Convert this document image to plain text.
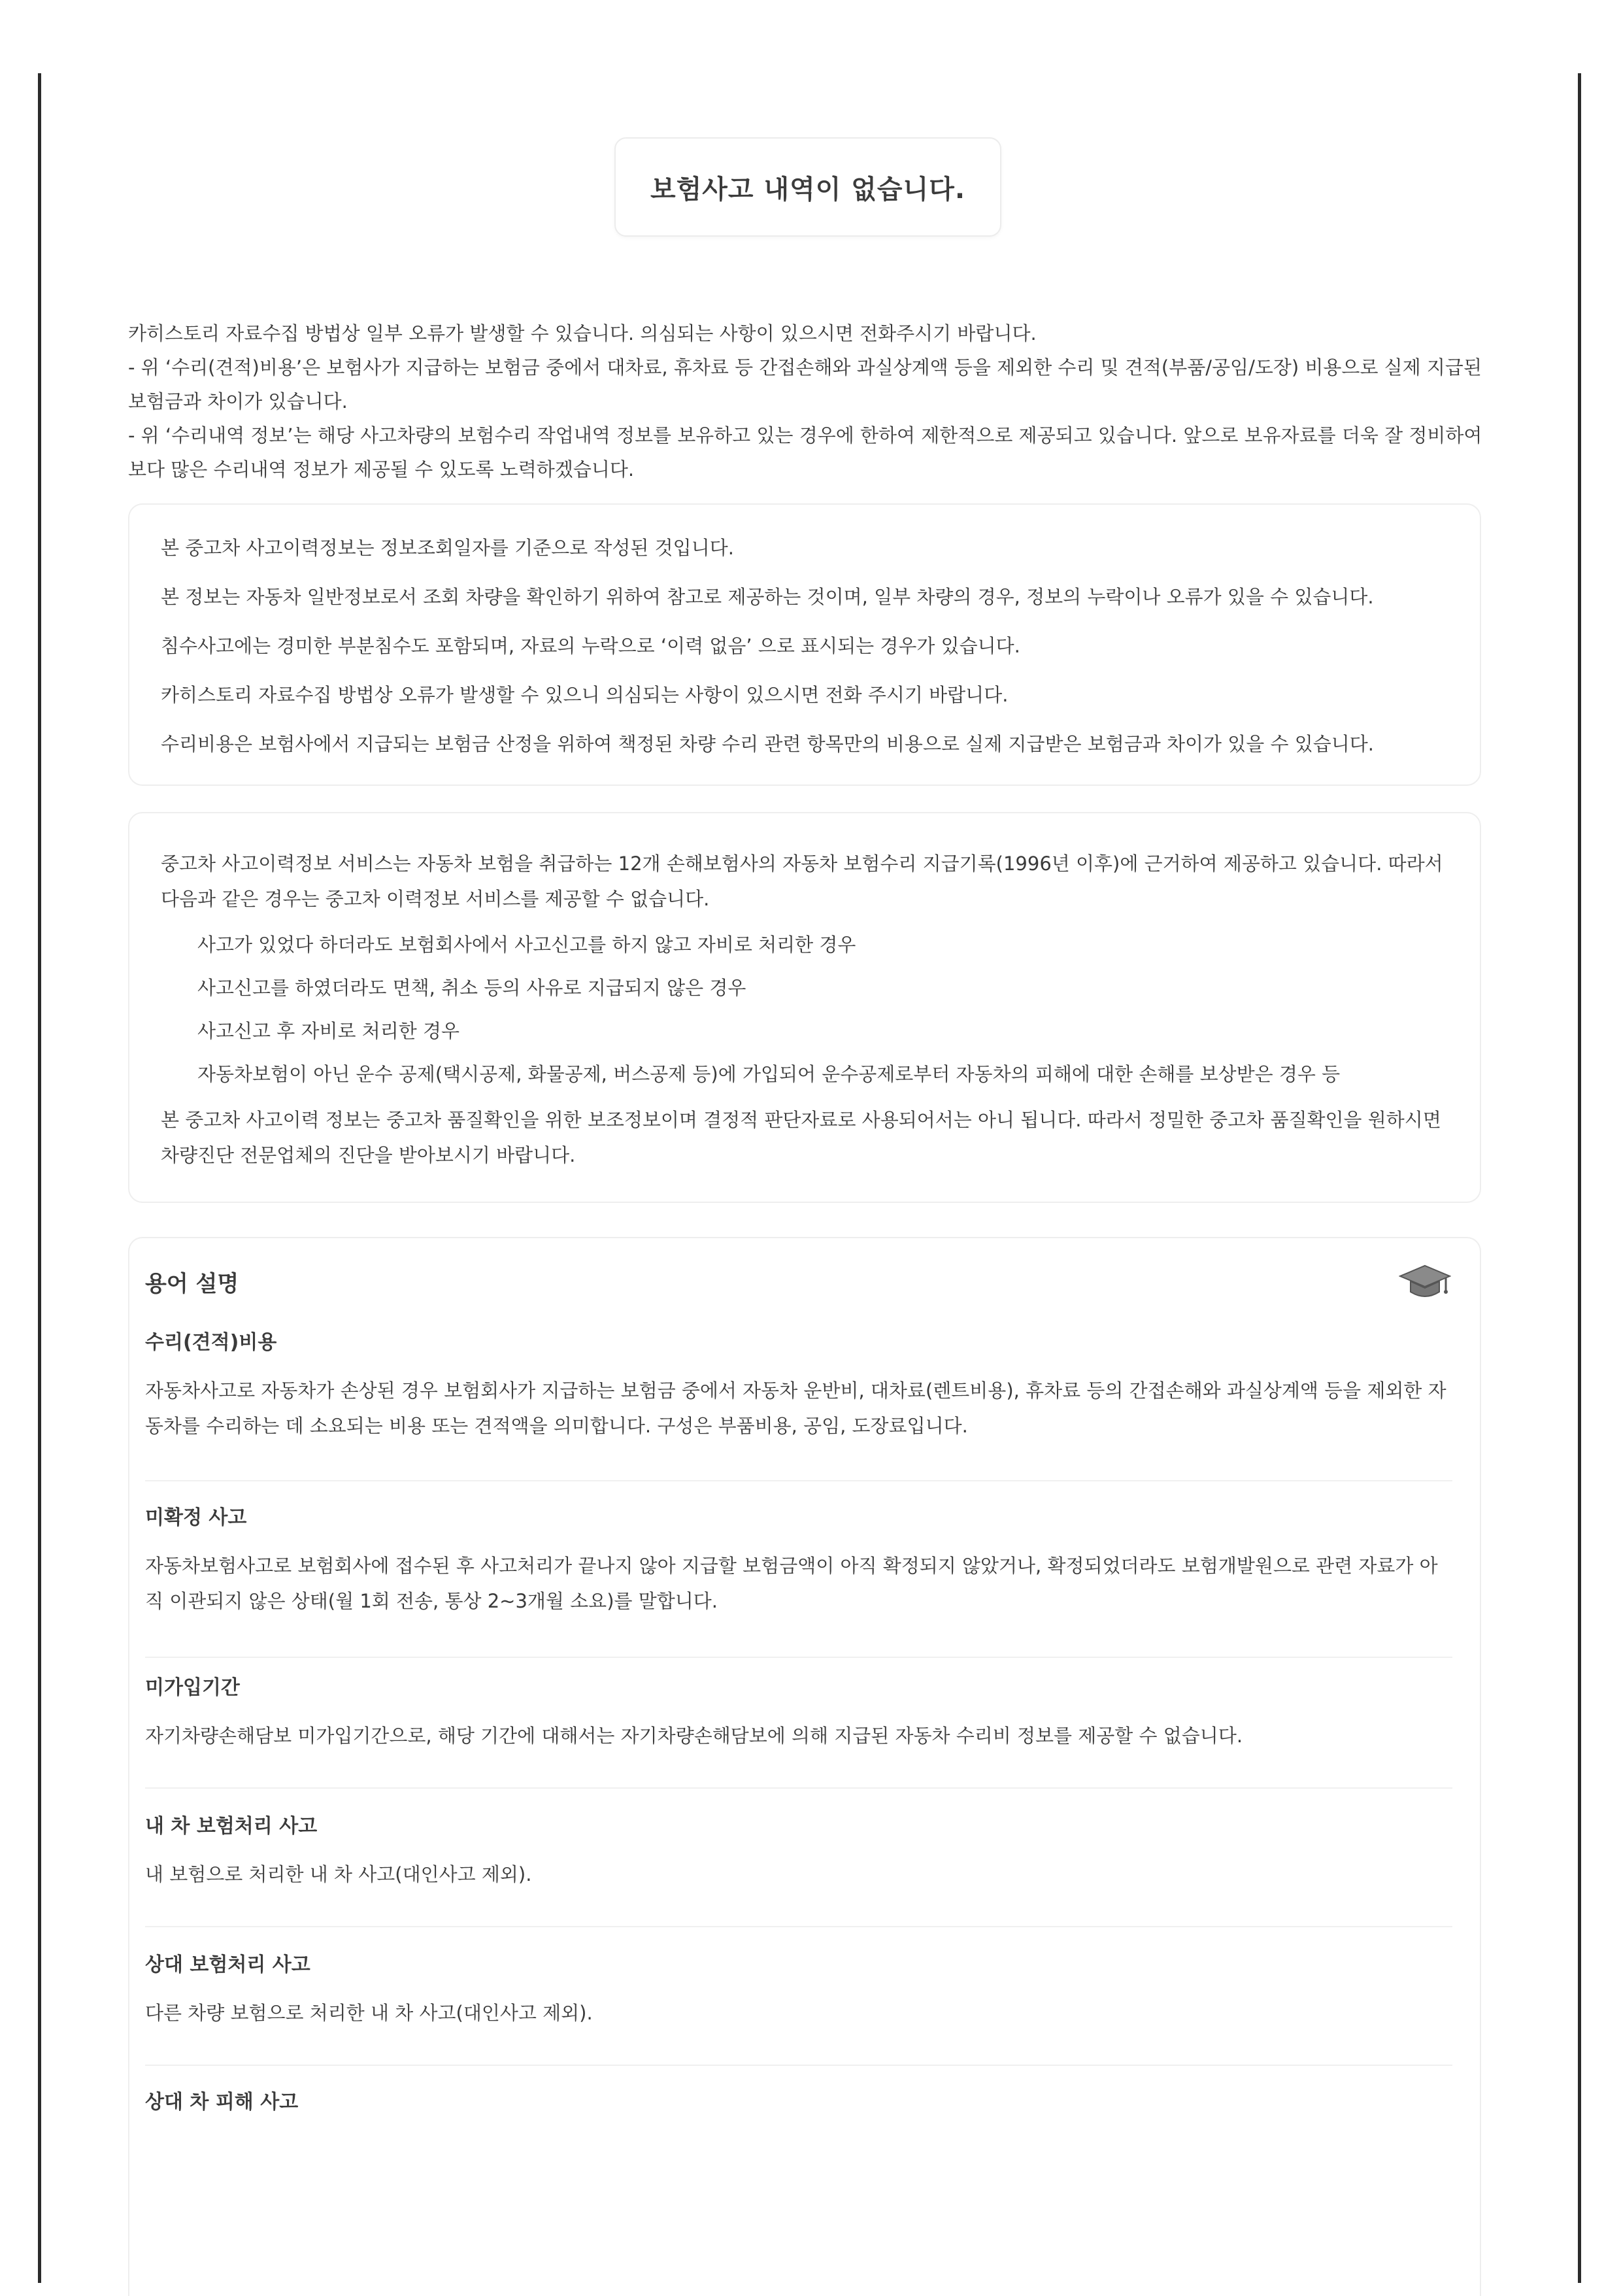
보험사고 내역이 없습니다.

카히스토리 자료수집 방법상 일부 오류가 발생할 수 있습니다. 의심되는 사항이 있으시면 전화주시기 바랍니다.

- 위 ‘수리(견적)비용’은 보험사가 지급하는 보험금 중에서 대차료, 휴차료 등 간접손해와 과실상계액 등을 제외한 수리 및 견적(부품/공임/도장) 비용으로 실제 지급된 보험금과 차이가 있습니다.

- 위 ‘수리내역 정보’는 해당 사고차량의 보험수리 작업내역 정보를 보유하고 있는 경우에 한하여 제한적으로 제공되고 있습니다. 앞으로 보유자료를 더욱 잘 정비하여 보다 많은 수리내역 정보가 제공될 수 있도록 노력하겠습니다.

본 중고차 사고이력정보는 정보조회일자를 기준으로 작성된 것입니다.

본 정보는 자동차 일반정보로서 조회 차량을 확인하기 위하여 참고로 제공하는 것이며, 일부 차량의 경우, 정보의 누락이나 오류가 있을 수 있습니다.

침수사고에는 경미한 부분침수도 포함되며, 자료의 누락으로 ‘이력 없음’ 으로 표시되는 경우가 있습니다.

카히스토리 자료수집 방법상 오류가 발생할 수 있으니 의심되는 사항이 있으시면 전화 주시기 바랍니다.

수리비용은 보험사에서 지급되는 보험금 산정을 위하여 책정된 차량 수리 관련 항목만의 비용으로 실제 지급받은 보험금과 차이가 있을 수 있습니다.

중고차 사고이력정보 서비스는 자동차 보험을 취급하는 12개 손해보험사의 자동차 보험수리 지급기록(1996년 이후)에 근거하여 제공하고 있습니다. 따라서 다음과 같은 경우는 중고차 이력정보 서비스를 제공할 수 없습니다.

사고가 있었다 하더라도 보험회사에서 사고신고를 하지 않고 자비로 처리한 경우
사고신고를 하였더라도 면책, 취소 등의 사유로 지급되지 않은 경우
사고신고 후 자비로 처리한 경우
자동차보험이 아닌 운수 공제(택시공제, 화물공제, 버스공제 등)에 가입되어 운수공제로부터 자동차의 피해에 대한 손해를 보상받은 경우 등

본 중고차 사고이력 정보는 중고차 품질확인을 위한 보조정보이며 결정적 판단자료로 사용되어서는 아니 됩니다. 따라서 정밀한 중고차 품질확인을 원하시면 차량진단 전문업체의 진단을 받아보시기 바랍니다.

용어 설명
수리(견적)비용

자동차사고로 자동차가 손상된 경우 보험회사가 지급하는 보험금 중에서 자동차 운반비, 대차료(렌트비용), 휴차료 등의 간접손해와 과실상계액 등을 제외한 자동차를 수리하는 데 소요되는 비용 또는 견적액을 의미합니다. 구성은 부품비용, 공임, 도장료입니다.

미확정 사고

자동차보험사고로 보험회사에 접수된 후 사고처리가 끝나지 않아 지급할 보험금액이 아직 확정되지 않았거나, 확정되었더라도 보험개발원으로 관련 자료가 아직 이관되지 않은 상태(월 1회 전송, 통상 2~3개월 소요)를 말합니다.

미가입기간

자기차량손해담보 미가입기간으로, 해당 기간에 대해서는 자기차량손해담보에 의해 지급된 자동차 수리비 정보를 제공할 수 없습니다.

내 차 보험처리 사고

내 보험으로 처리한 내 차 사고(대인사고 제외).

상대 보험처리 사고

다른 차량 보험으로 처리한 내 차 사고(대인사고 제외).

상대 차 피해 사고
